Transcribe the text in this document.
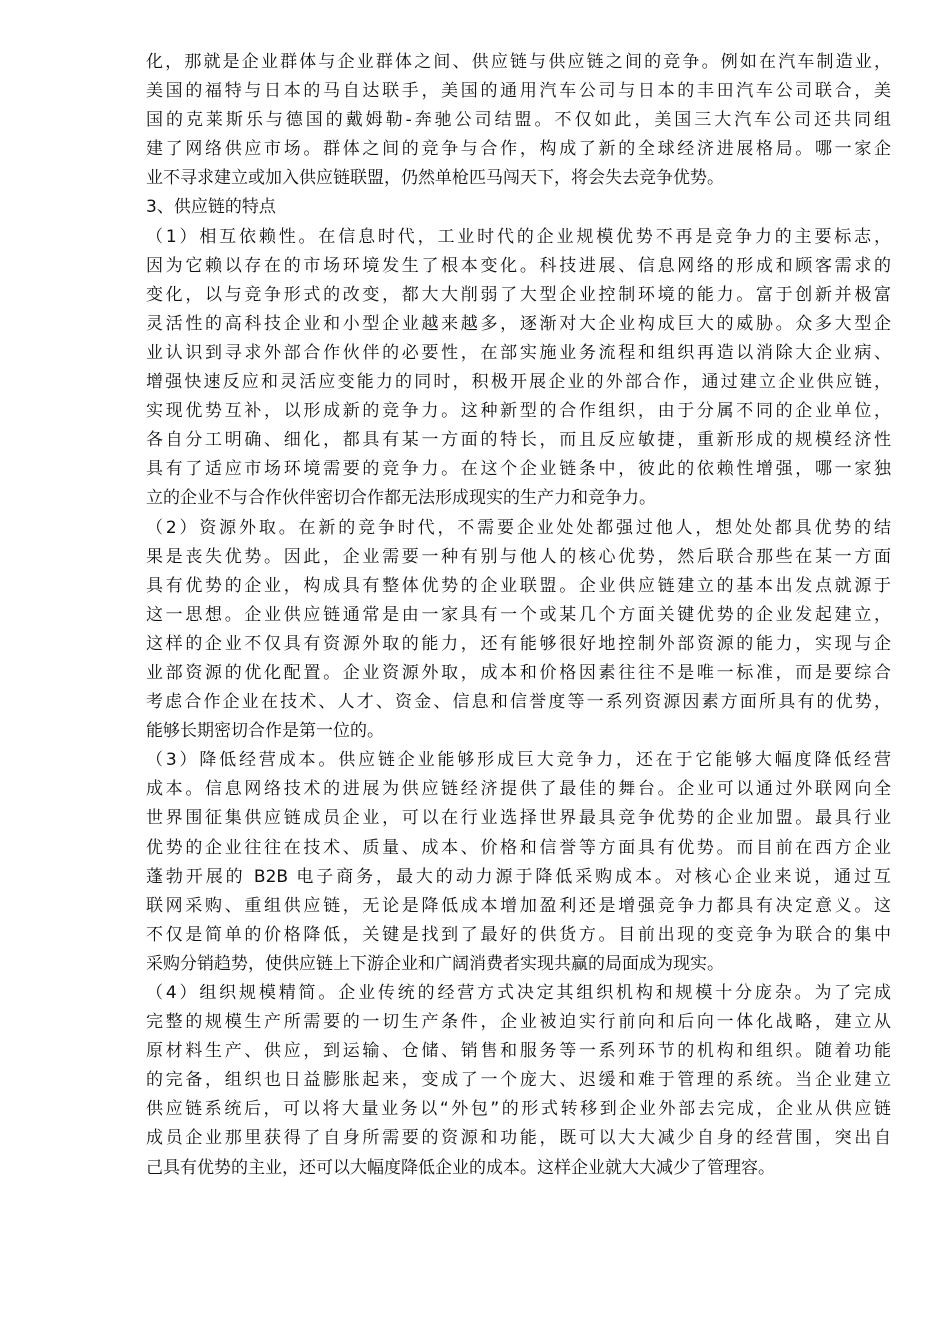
化，那就是企业群体与企业群体之间、供应链与供应链之间的竞争。例如在汽车制造业，
美国的福特与日本的马自达联手，美国的通用汽车公司与日本的丰田汽车公司联合，美
国的克莱斯乐与德国的戴姆勒-奔驰公司结盟。不仅如此，美国三大汽车公司还共同组
建了网络供应市场。群体之间的竞争与合作，构成了新的全球经济进展格局。哪一家企
业不寻求建立或加入供应链联盟，仍然单枪匹马闯天下，将会失去竞争优势。
3、供应链的特点
（1）相互依赖性。在信息时代，工业时代的企业规模优势不再是竞争力的主要标志，
因为它赖以存在的市场环境发生了根本变化。科技进展、信息网络的形成和顾客需求的
变化，以与竞争形式的改变，都大大削弱了大型企业控制环境的能力。富于创新并极富
灵活性的高科技企业和小型企业越来越多，逐渐对大企业构成巨大的威胁。众多大型企
业认识到寻求外部合作伙伴的必要性，在部实施业务流程和组织再造以消除大企业病、
增强快速反应和灵活应变能力的同时，积极开展企业的外部合作，通过建立企业供应链，
实现优势互补，以形成新的竞争力。这种新型的合作组织，由于分属不同的企业单位，
各自分工明确、细化，都具有某一方面的特长，而且反应敏捷，重新形成的规模经济性
具有了适应市场环境需要的竞争力。在这个企业链条中，彼此的依赖性增强，哪一家独
立的企业不与合作伙伴密切合作都无法形成现实的生产力和竞争力。
（2）资源外取。在新的竞争时代，不需要企业处处都强过他人，想处处都具优势的结
果是丧失优势。因此，企业需要一种有别与他人的核心优势，然后联合那些在某一方面
具有优势的企业，构成具有整体优势的企业联盟。企业供应链建立的基本出发点就源于
这一思想。企业供应链通常是由一家具有一个或某几个方面关键优势的企业发起建立，
这样的企业不仅具有资源外取的能力，还有能够很好地控制外部资源的能力，实现与企
业部资源的优化配置。企业资源外取，成本和价格因素往往不是唯一标准，而是要综合
考虑合作企业在技术、人才、资金、信息和信誉度等一系列资源因素方面所具有的优势，
能够长期密切合作是第一位的。
（3）降低经营成本。供应链企业能够形成巨大竞争力，还在于它能够大幅度降低经营
成本。信息网络技术的进展为供应链经济提供了最佳的舞台。企业可以通过外联网向全
世界围征集供应链成员企业，可以在行业选择世界最具竞争优势的企业加盟。最具行业
优势的企业往往在技术、质量、成本、价格和信誉等方面具有优势。而目前在西方企业
蓬勃开展的 B2B 电子商务，最大的动力源于降低采购成本。对核心企业来说，通过互
联网采购、重组供应链，无论是降低成本增加盈利还是增强竞争力都具有决定意义。这
不仅是简单的价格降低，关键是找到了最好的供货方。目前出现的变竞争为联合的集中
采购分销趋势，使供应链上下游企业和广阔消费者实现共赢的局面成为现实。
（4）组织规模精简。企业传统的经营方式决定其组织机构和规模十分庞杂。为了完成
完整的规模生产所需要的一切生产条件，企业被迫实行前向和后向一体化战略，建立从
原材料生产、供应，到运输、仓储、销售和服务等一系列环节的机构和组织。随着功能
的完备，组织也日益膨胀起来，变成了一个庞大、迟缓和难于管理的系统。当企业建立
供应链系统后，可以将大量业务以“外包”的形式转移到企业外部去完成，企业从供应链
成员企业那里获得了自身所需要的资源和功能，既可以大大减少自身的经营围，突出自
己具有优势的主业，还可以大幅度降低企业的成本。这样企业就大大减少了管理容。
